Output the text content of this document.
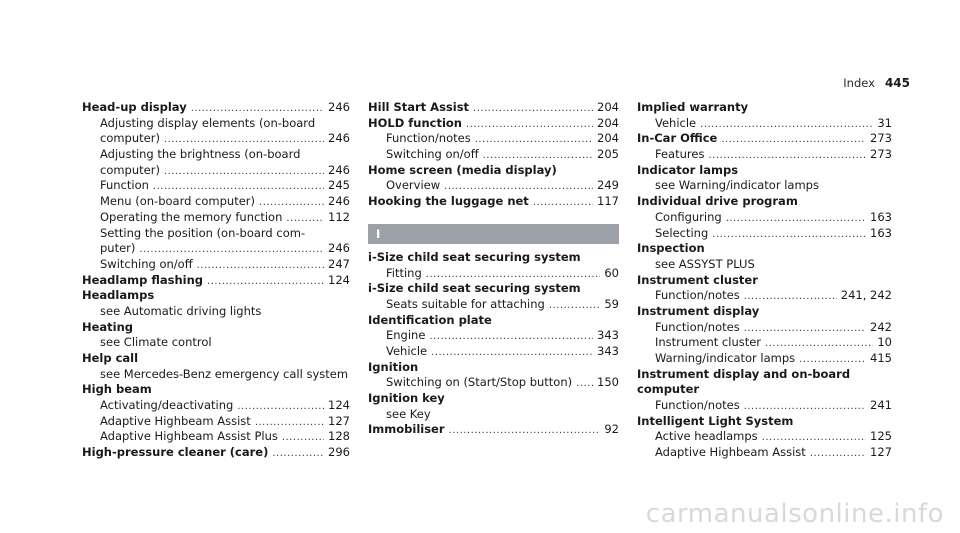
Index 445
Head-up display .....	246
Adjusting display elements (on-board
computer) .....	246
Adjusting the brightness (on-board
computer) .....	246
Function .....	245
Menu (on-board computer) .....	246
Operating the memory function .....	112
Setting the position (on-board com-
puter) .....	246
Switching on/off .....	247
Headlamp flashing .....	124
Headlamps
see Automatic driving lights
Heating
see Climate control
Help call
see Mercedes-Benz emergency call system
High beam
Activating/deactivating .....	124
Adaptive Highbeam Assist .....	127
Adaptive Highbeam Assist Plus .....	128
High-pressure cleaner (care) .....	296
Hill Start Assist .....	204
HOLD function .....	204
Function/notes .....	204
Switching on/off .....	205
Home screen (media display)
Overview .....	249
Hooking the luggage net .....	117
I
i-Size child seat securing system
Fitting .....	60
i-Size child seat securing system
Seats suitable for attaching .....	59
Identification plate
Engine .....	343
Vehicle .....	343
Ignition
Switching on (Start/Stop button) ..... 150
Ignition key
see Key
Immobiliser .....	92
Implied warranty
Vehicle .....	31
In-Car Office .....	273
Features .....	273
Indicator lamps
see Warning/indicator lamps
Individual drive program
Configuring .....	163
Selecting .....	163
Inspection
see ASSYST PLUS
Instrument cluster
Function/notes .....	241, 242
Instrument display
Function/notes .....	242
Instrument cluster .....	10
Warning/indicator lamps .....	415
Instrument display and on-board
computer
Function/notes .....	241
Intelligent Light System
Active headlamps .....	125
Adaptive Highbeam Assist .....	127
carmanualsonline.info
